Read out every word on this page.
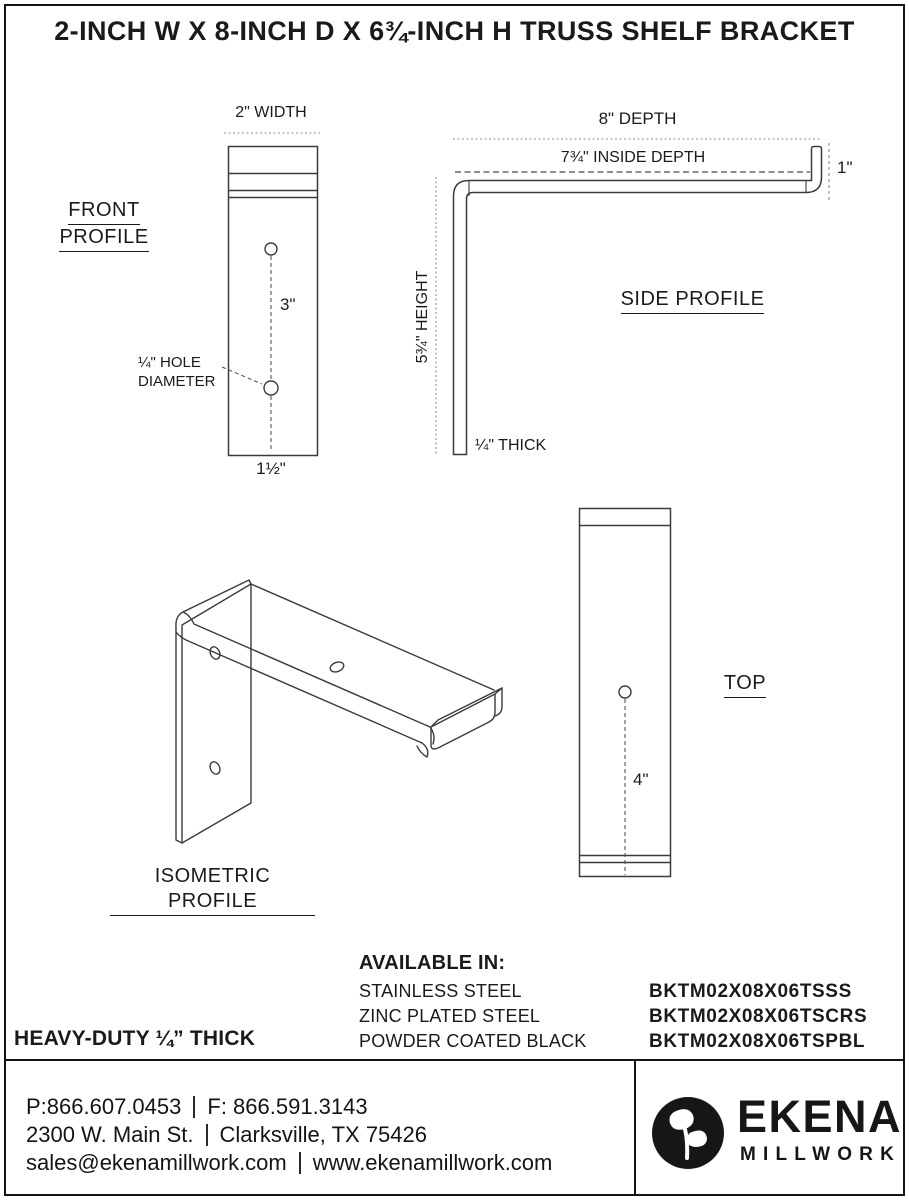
2-INCH W X 8-INCH D X 6¾-INCH H TRUSS SHELF BRACKET
FRONT
PROFILE
2" WIDTH
3"
¼" HOLE
DIAMETER
1½"
SIDE PROFILE
8" DEPTH
7¾" INSIDE DEPTH
1"
5¾" HEIGHT
¼" THICK
ISOMETRIC PROFILE
TOP
4"
AVAILABLE IN:
STAINLESS STEEL
ZINC PLATED STEEL
POWDER COATED BLACK
BKTM02X08X06TSSS
BKTM02X08X06TSCRS
BKTM02X08X06TSPBL
HEAVY-DUTY ¼” THICK
P:866.607.0453 F: 866.591.3143
2300 W. Main St. Clarksville, TX 75426
sales@ekenamillwork.com www.ekenamillwork.com
EKENA
MILLWORK
